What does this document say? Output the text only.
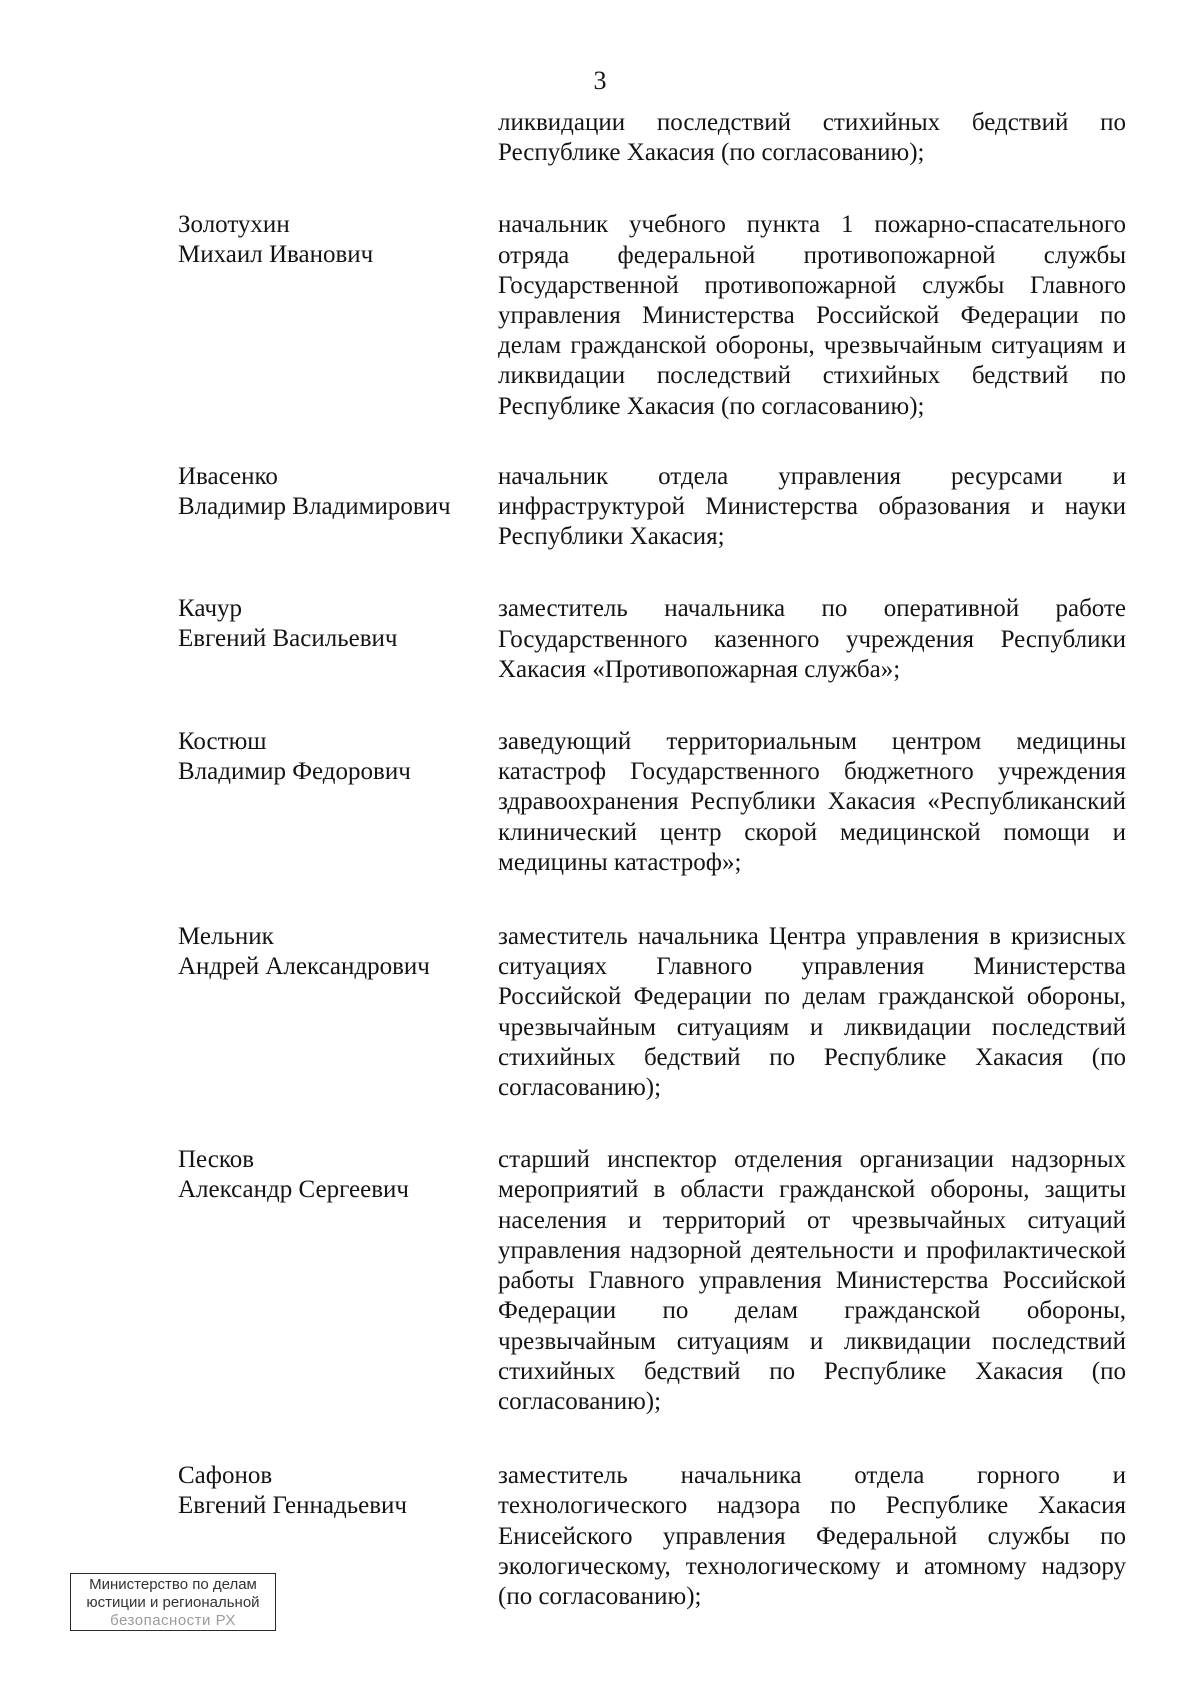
3
ликвидации последствий стихийных бедствий по Республике Хакасия (по согласованию);
Золотухин
Михаил Иванович
начальник учебного пункта 1 пожарно-спасательного отряда федеральной противопожарной службы Государственной противопожарной службы Главного управления Министерства Российской Федерации по делам гражданской обороны, чрезвычайным ситуациям и ликвидации последствий стихийных бедствий по Республике Хакасия (по согласованию);
Ивасенко
Владимир Владимирович
начальник отдела управления ресурсами и инфраструктурой Министерства образования и науки Республики Хакасия;
Качур
Евгений Васильевич
заместитель начальника по оперативной работе Государственного казенного учреждения Республики Хакасия «Противопожарная служба»;
Костюш
Владимир Федорович
заведующий территориальным центром медицины катастроф Государственного бюджетного учреждения здравоохранения Республики Хакасия «Республиканский клинический центр скорой медицинской помощи и медицины катастроф»;
Мельник
Андрей Александрович
заместитель начальника Центра управления в кризисных ситуациях Главного управления Министерства Российской Федерации по делам гражданской обороны, чрезвычайным ситуациям и ликвидации последствий стихийных бедствий по Республике Хакасия (по согласованию);
Песков
Александр Сергеевич
старший инспектор отделения организации надзорных мероприятий в области гражданской обороны, защиты населения и территорий от чрезвычайных ситуаций управления надзорной деятельности и профилактической работы Главного управления Министерства Российской Федерации по делам гражданской обороны, чрезвычайным ситуациям и ликвидации последствий стихийных бедствий по Республике Хакасия (по согласованию);
Сафонов
Евгений Геннадьевич
заместитель начальника отдела горного и технологического надзора по Республике Хакасия Енисейского управления Федеральной службы по экологическому, технологическому и атомному надзору (по согласованию);
Министерство по делам
юстиции и региональной
безопасности РХ
